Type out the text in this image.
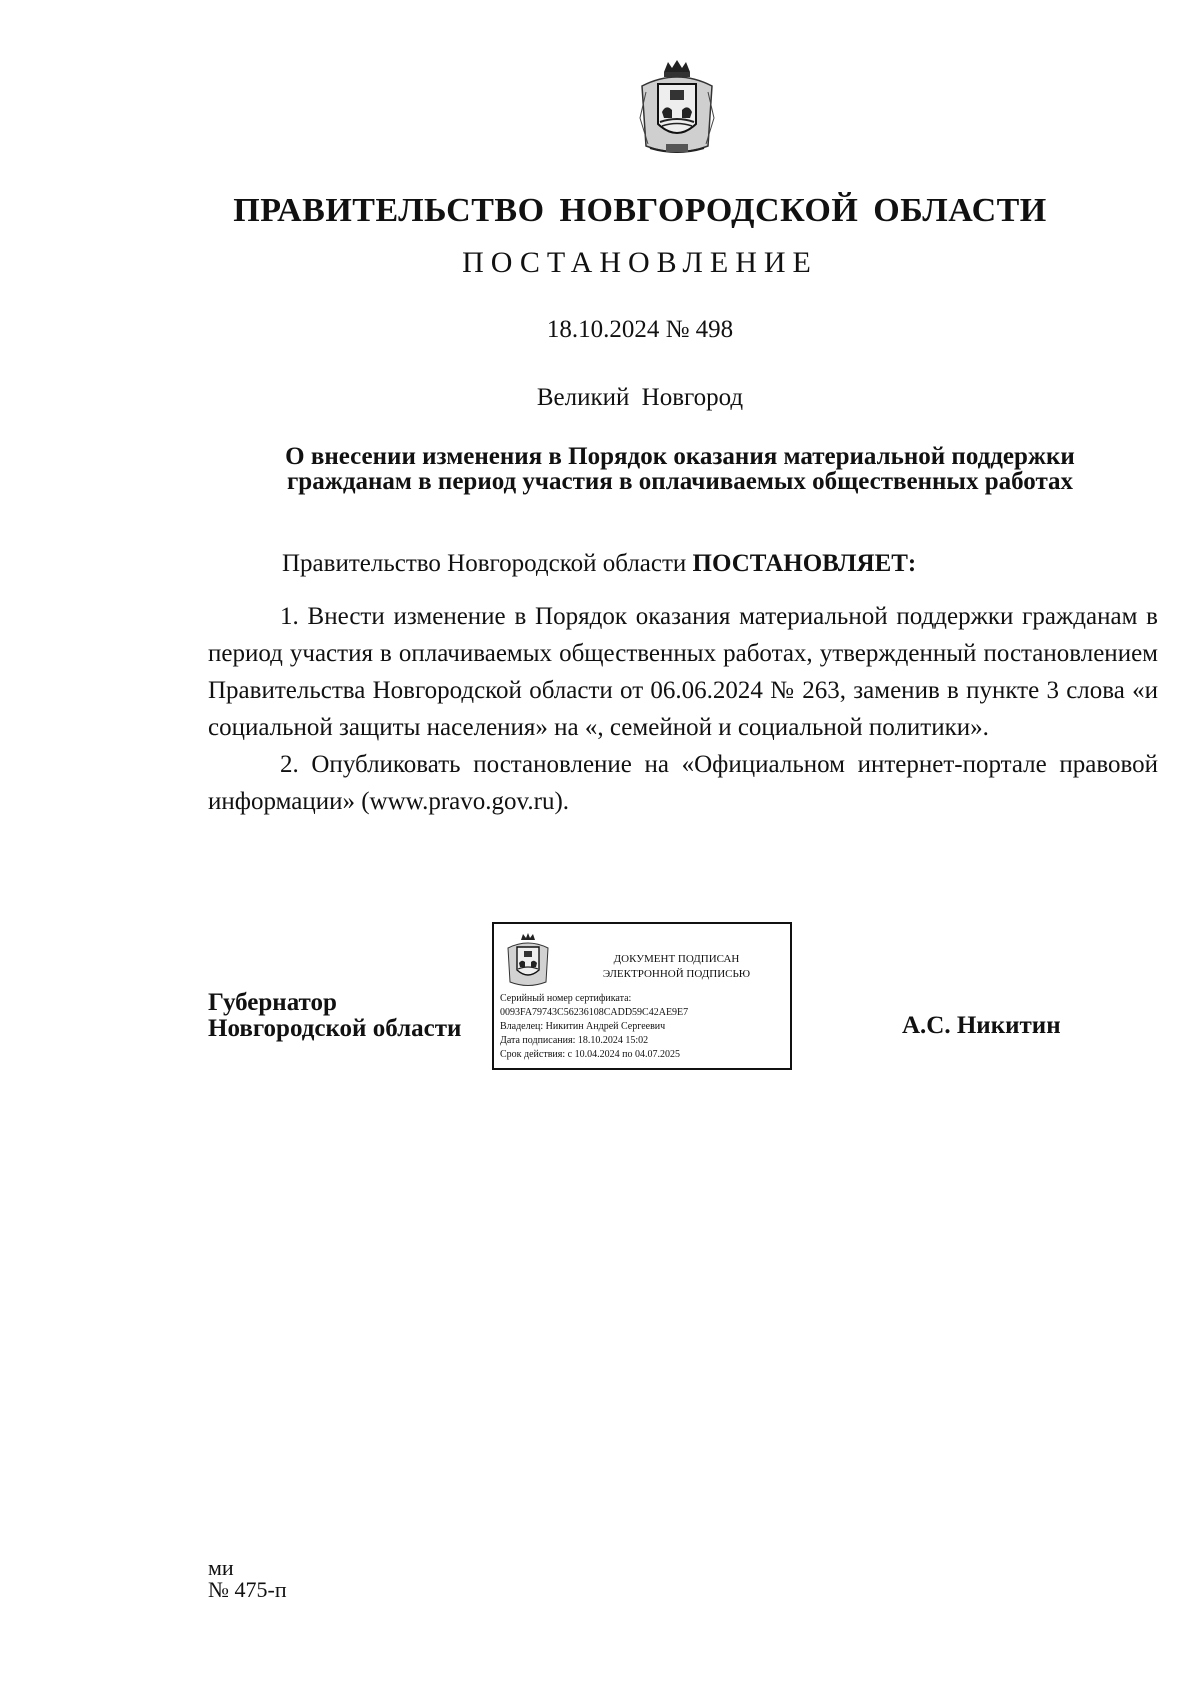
ПРАВИТЕЛЬСТВО НОВГОРОДСКОЙ ОБЛАСТИ
ПОСТАНОВЛЕНИЕ
18.10.2024 № 498
Великий Новгород
О внесении изменения в Порядок оказания материальной поддержки
гражданам в период участия в оплачиваемых общественных работах
Правительство Новгородской области ПОСТАНОВЛЯЕТ:

1. Внести изменение в Порядок оказания материальной поддержки гражданам в период участия в оплачиваемых общественных работах, утвержденный постановлением Правительства Новгородской области от 06.06.2024 № 263, заменив в пункте 3 слова «и социальной защиты населения» на «, семейной и социальной политики».

2. Опубликовать постановление на «Официальном интернет-портале правовой информации» (www.pravo.gov.ru).

Губернатор
Новгородской области
ДОКУМЕНТ ПОДПИСАН
ЭЛЕКТРОННОЙ ПОДПИСЬЮ
Серийный номер сертификата:
0093FA79743C56236108CADD59C42AE9E7
Владелец: Никитин Андрей Сергеевич
Дата подписания: 18.10.2024 15:02
Срок действия: с 10.04.2024 по 04.07.2025
А.С. Никитин
ми
№ 475-п
